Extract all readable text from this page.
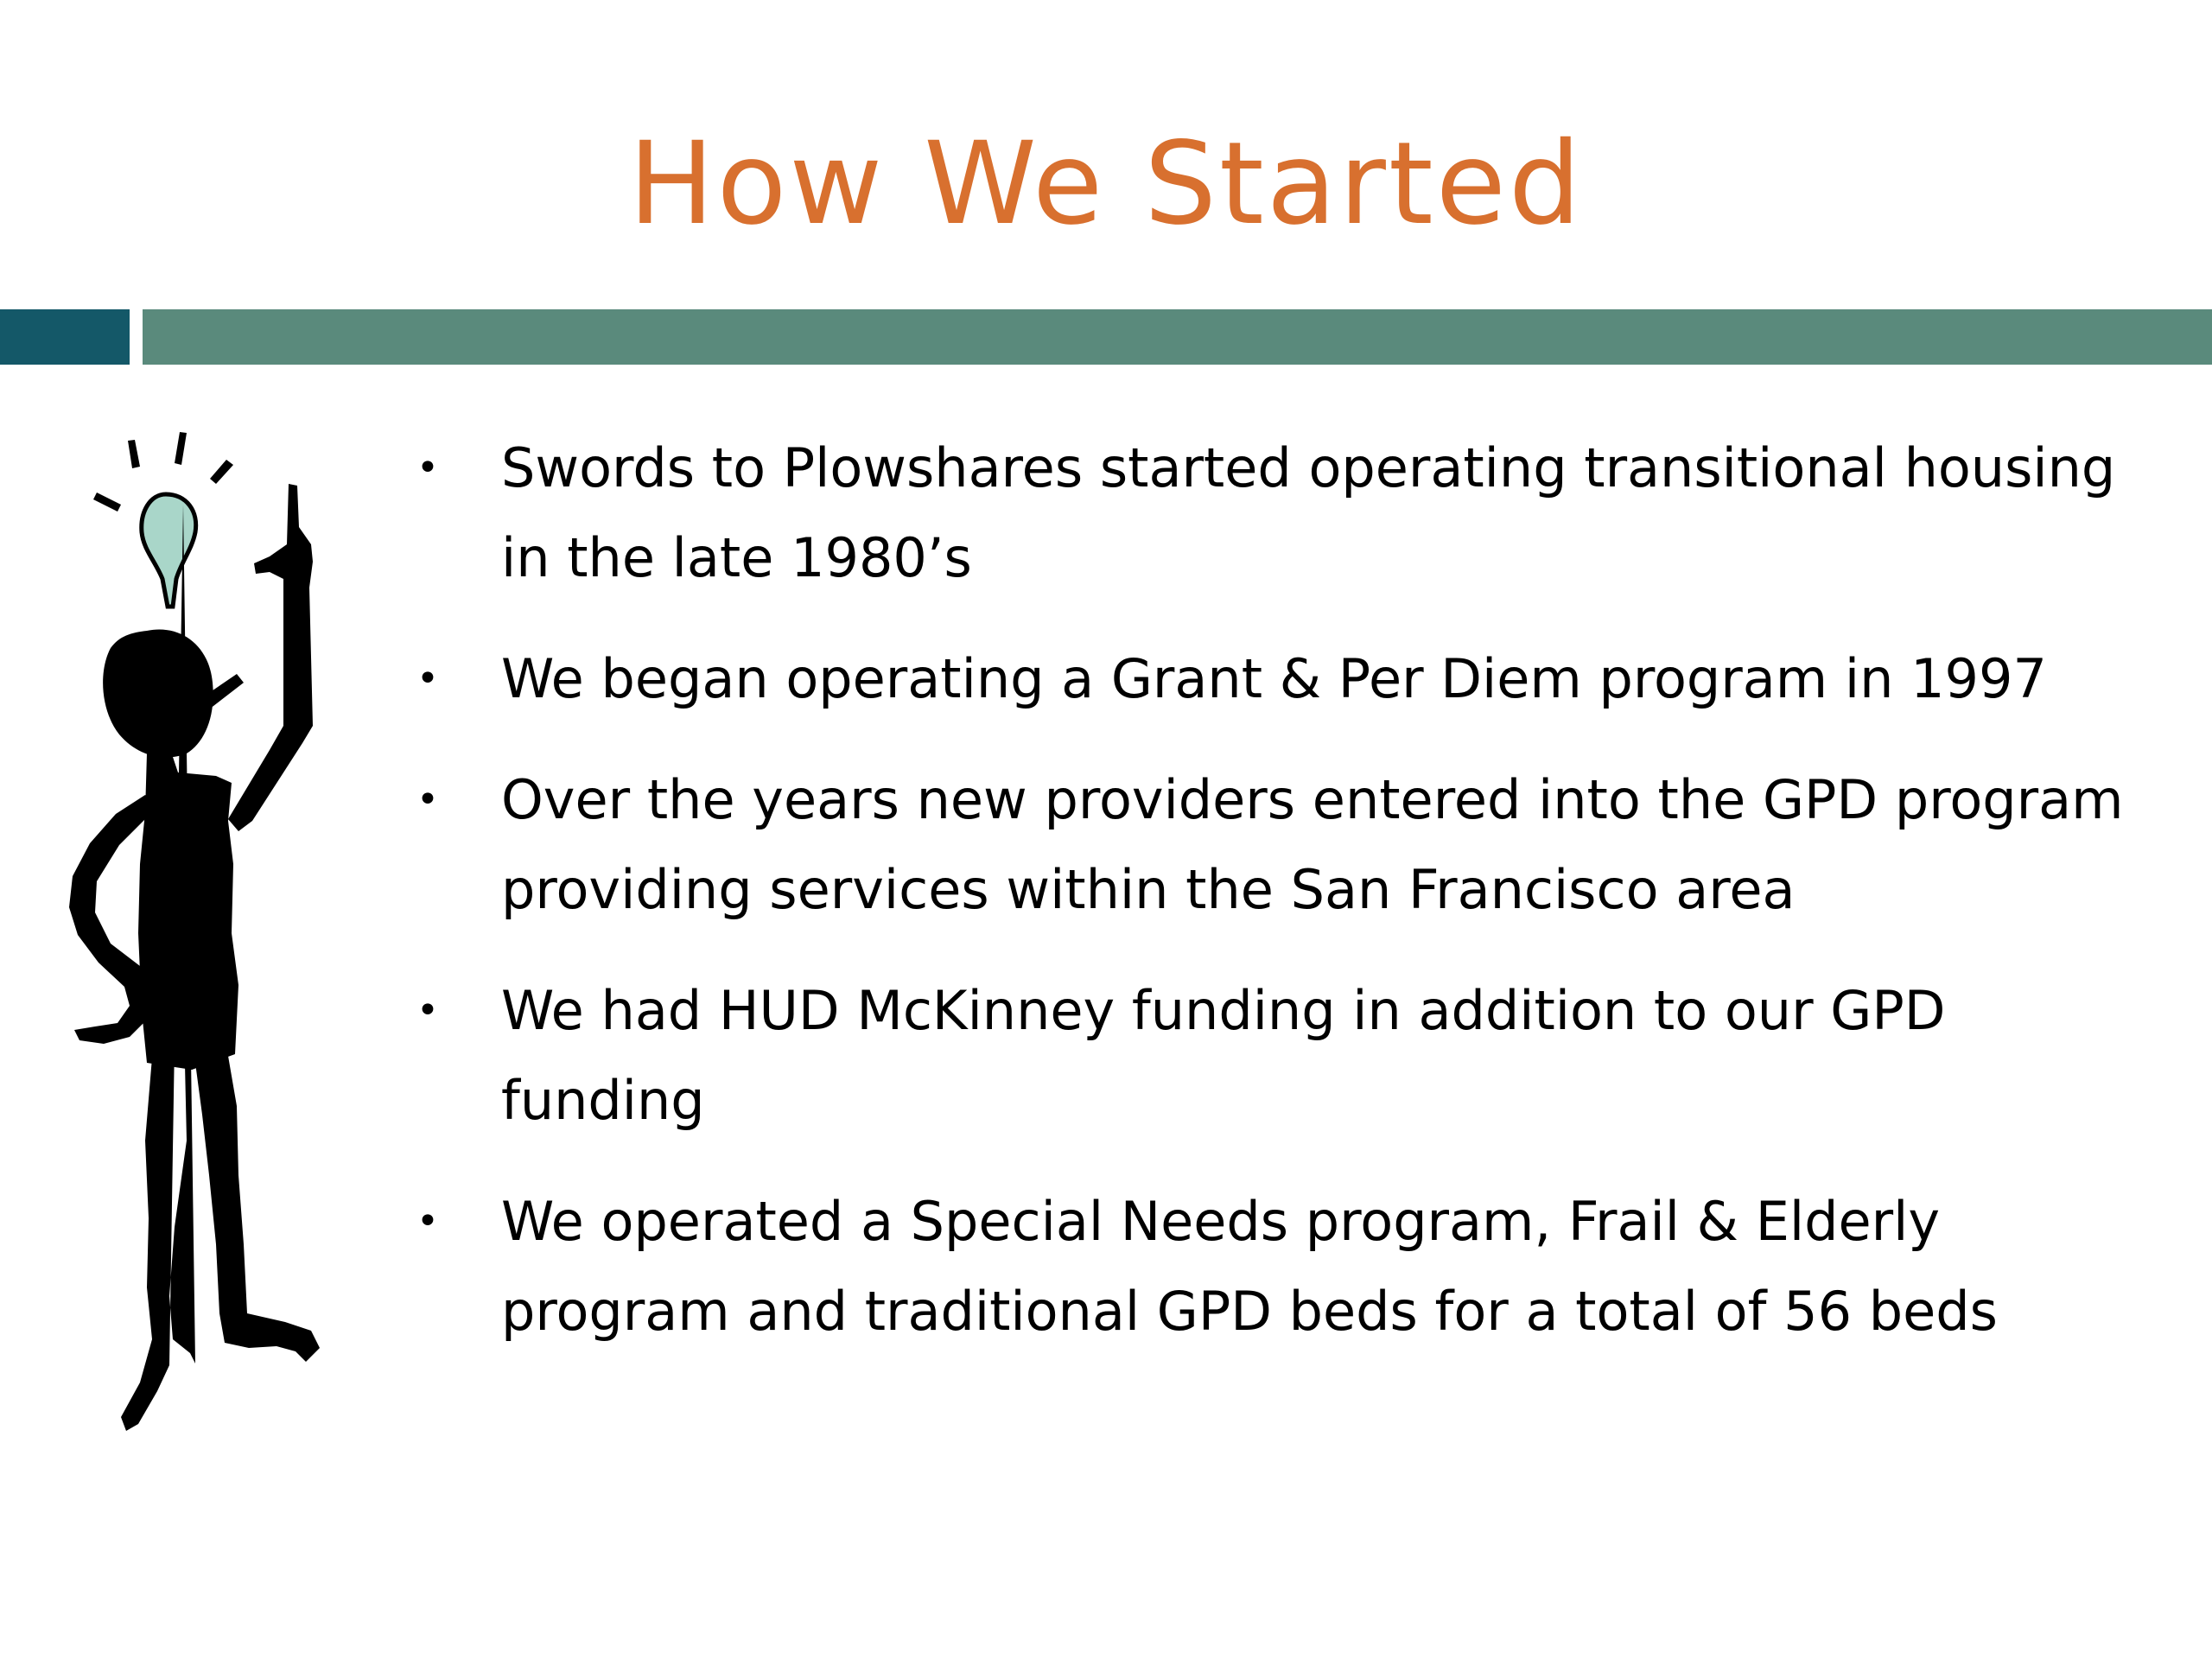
How We Started
• Swords to Plowshares started operating transitional housing in the late 1980’s
• We began operating a Grant & Per Diem program in 1997
• Over the years new providers entered into the GPD program providing services within the San Francisco area
• We had HUD McKinney funding in addition to our GPD funding
• We operated a Special Needs program, Frail & Elderly program and traditional GPD beds for a total of 56 beds
